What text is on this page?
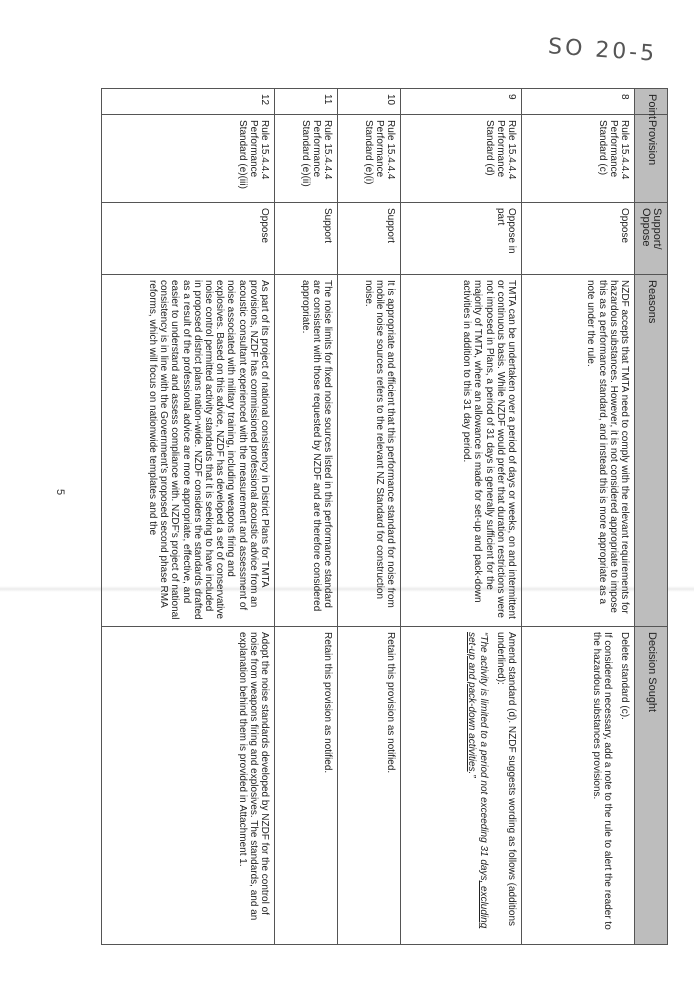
SO 20-5
5
Point	Provision	Support/ Oppose	Reasons	Decision Sought
8	Rule 15.4.4.4 Performance Standard (c)	Oppose	NZDF accepts that TMTA need to comply with the relevant requirements for hazardous substances. However, it is not considered appropriate to impose this as a performance standard, and instead this is more appropriate as a note under the rule.	Delete standard (c).

If considered necessary, add a note to the rule to alert the reader to the hazardous substances provisions.

9	Rule 15.4.4.4 Performance Standard (d)	Oppose in part	TMTA can be undertaken over a period of days or weeks, on and intermittent or continuous basis. While NZDF would prefer that duration restrictions were not imposed in Plans, a period of 31 days is generally sufficient for the majority of TMTA, where an allowance is made for set-up and pack-down activities in addition to this 31 day period.	Amend standard (d). NZDF suggests wording as follows (additions underlined):

“The activity is limited to a period not exceeding 31 days, excluding set-up and pack-down activities.”

10	Rule 15.4.4.4 Performance Standard (e)(i)	Support	It is appropriate and efficient that this performance standard for noise from mobile noise sources refers to the relevant NZ Standard for construction noise.	Retain this provision as notified.

11	Rule 15.4.4.4 Performance Standard (e)(ii)	Support	The noise limits for fixed noise sources listed in this performance standard are consistent with those requested by NZDF and are therefore considered appropriate.	Retain this provision as notified.

12	Rule 15.4.4.4 Performance Standard (e)(iii)	Oppose	As part of its project of national consistency in District Plans for TMTA provisions, NZDF has commissioned professional acoustic advice from an acoustic consultant experienced with the measurement and assessment of noise associated with military training, including weapons firing and explosives. Based on this advice, NZDF has developed a set of conservative noise control permitted activity standards that it is seeking to have included in proposed district plans nation-wide. NZDF considers the standards drafted as a result of the professional advice are more appropriate, effective, and easier to understand and assess compliance with. NZDF’s project of national consistency is in line with the Government’s proposed second phase RMA reforms, which will focus on nationwide templates and the	Adopt the noise standards developed by NZDF for the control of noise from weapons firing and explosives. The standards, and an explanation behind them is provided in Attachment 1.
